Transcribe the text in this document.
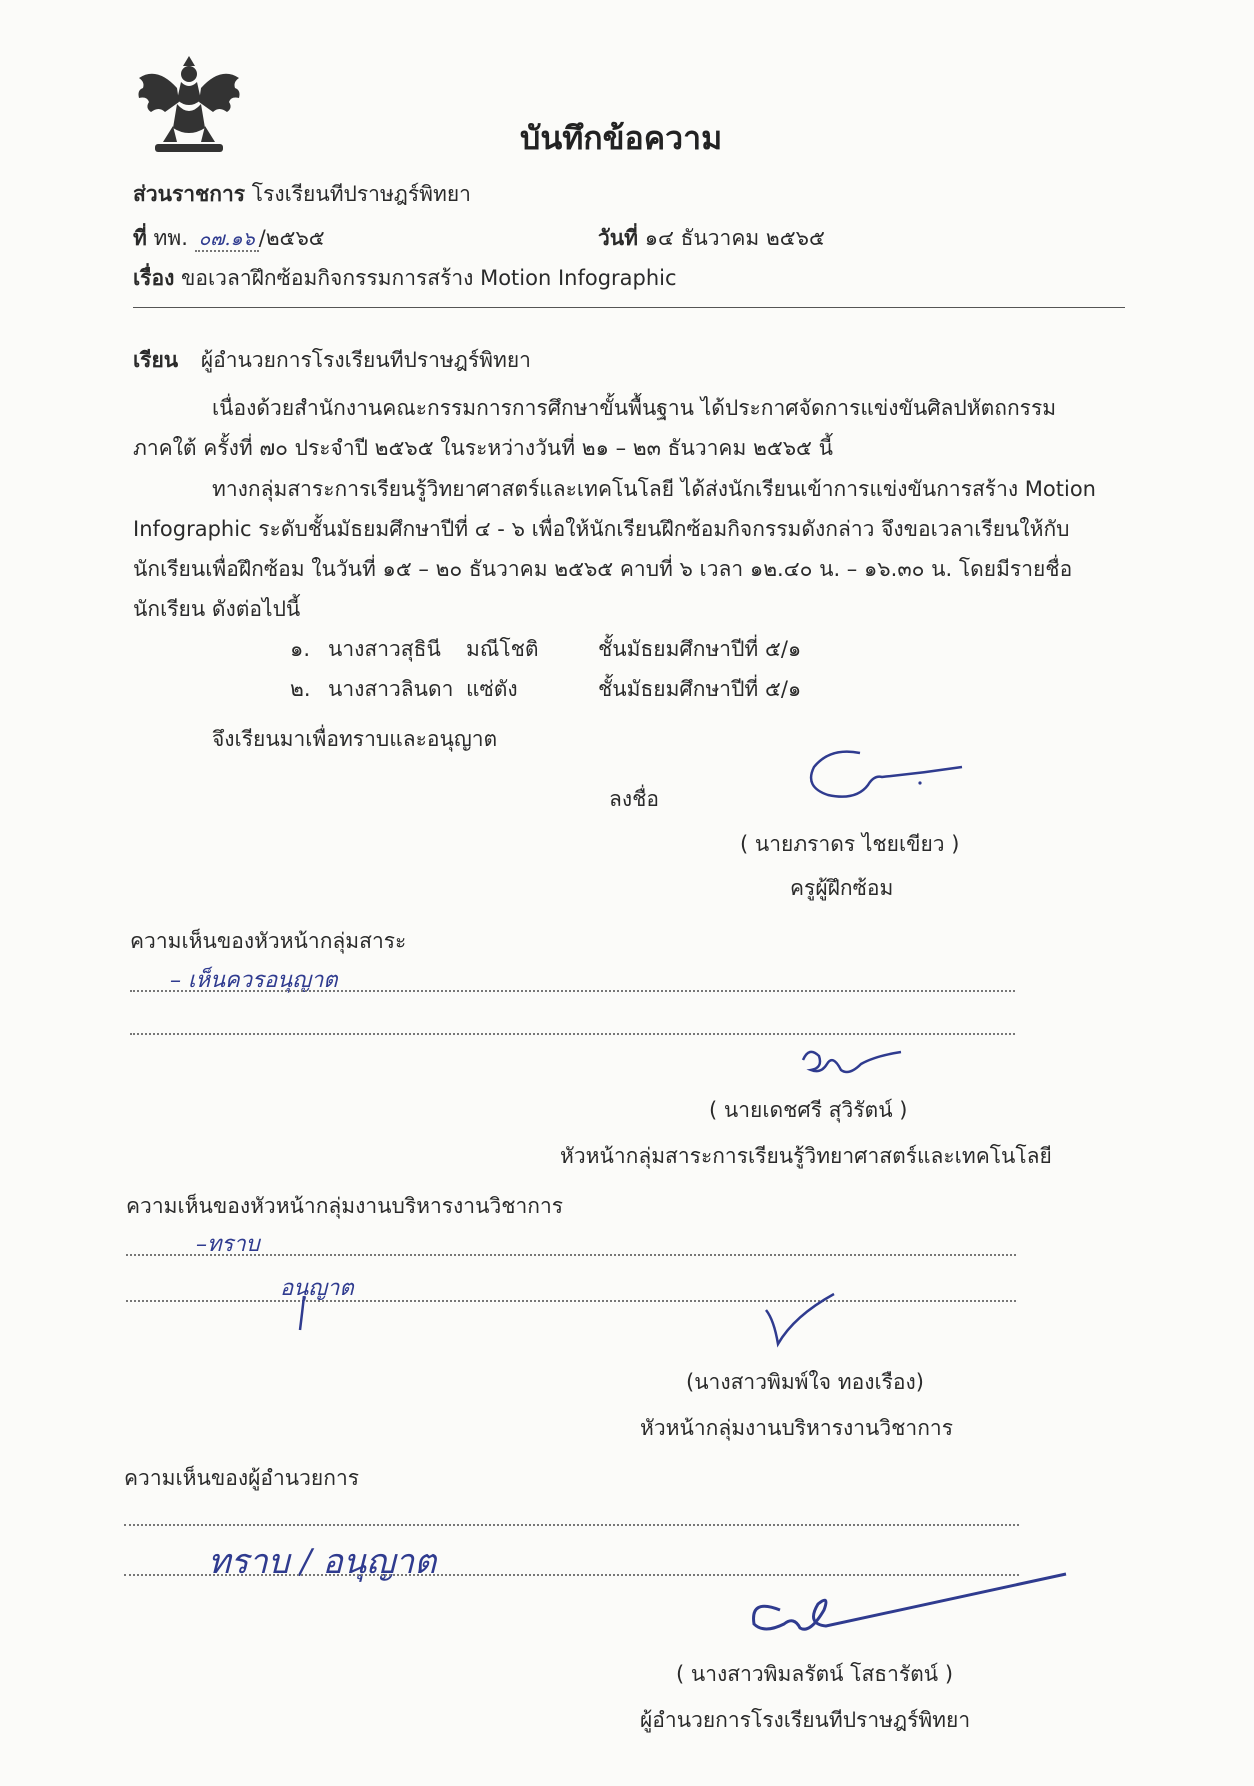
บันทึกข้อความ
ส่วนราชการ โรงเรียนทีปราษฎร์พิทยา
ที่ ทพ. ๐๗.๑๖ /๒๕๖๕	วันที่ ๑๔ ธันวาคม ๒๕๖๕
เรื่อง ขอเวลาฝึกซ้อมกิจกรรมการสร้าง Motion Infographic
เรียน ผู้อำนวยการโรงเรียนทีปราษฎร์พิทยา
เนื่องด้วยสำนักงานคณะกรรมการการศึกษาขั้นพื้นฐาน ได้ประกาศจัดการแข่งขันศิลปหัตถกรรม
ภาคใต้ ครั้งที่ ๗๐ ประจำปี ๒๕๖๕ ในระหว่างวันที่ ๒๑ – ๒๓ ธันวาคม ๒๕๖๕ นี้
ทางกลุ่มสาระการเรียนรู้วิทยาศาสตร์และเทคโนโลยี ได้ส่งนักเรียนเข้าการแข่งขันการสร้าง Motion
Infographic ระดับชั้นมัธยมศึกษาปีที่ ๔ - ๖ เพื่อให้นักเรียนฝึกซ้อมกิจกรรมดังกล่าว จึงขอเวลาเรียนให้กับ
นักเรียนเพื่อฝึกซ้อม ในวันที่ ๑๕ – ๒๐ ธันวาคม ๒๕๖๕ คาบที่ ๖ เวลา ๑๒.๔๐ น. – ๑๖.๓๐ น. โดยมีรายชื่อ
นักเรียน ดังต่อไปนี้
๑. นางสาวสุธินี มณีโชติ	ชั้นมัธยมศึกษาปีที่ ๕/๑
๒. นางสาวลินดา แซ่ตัง	ชั้นมัธยมศึกษาปีที่ ๕/๑
จึงเรียนมาเพื่อทราบและอนุญาต
ลงชื่อ
( นายภราดร ไชยเขียว )
ครูผู้ฝึกซ้อม
ความเห็นของหัวหน้ากลุ่มสาระ
– เห็นควรอนุญาต
( นายเดชศรี สุวิรัตน์ )
หัวหน้ากลุ่มสาระการเรียนรู้วิทยาศาสตร์และเทคโนโลยี
ความเห็นของหัวหน้ากลุ่มงานบริหารงานวิชาการ
–ทราบ
อนุญาต
(นางสาวพิมพ์ใจ ทองเรือง)
หัวหน้ากลุ่มงานบริหารงานวิชาการ
ความเห็นของผู้อำนวยการ
ทราบ / อนุญาต
( นางสาวพิมลรัตน์ โสธารัตน์ )
ผู้อำนวยการโรงเรียนทีปราษฎร์พิทยา
